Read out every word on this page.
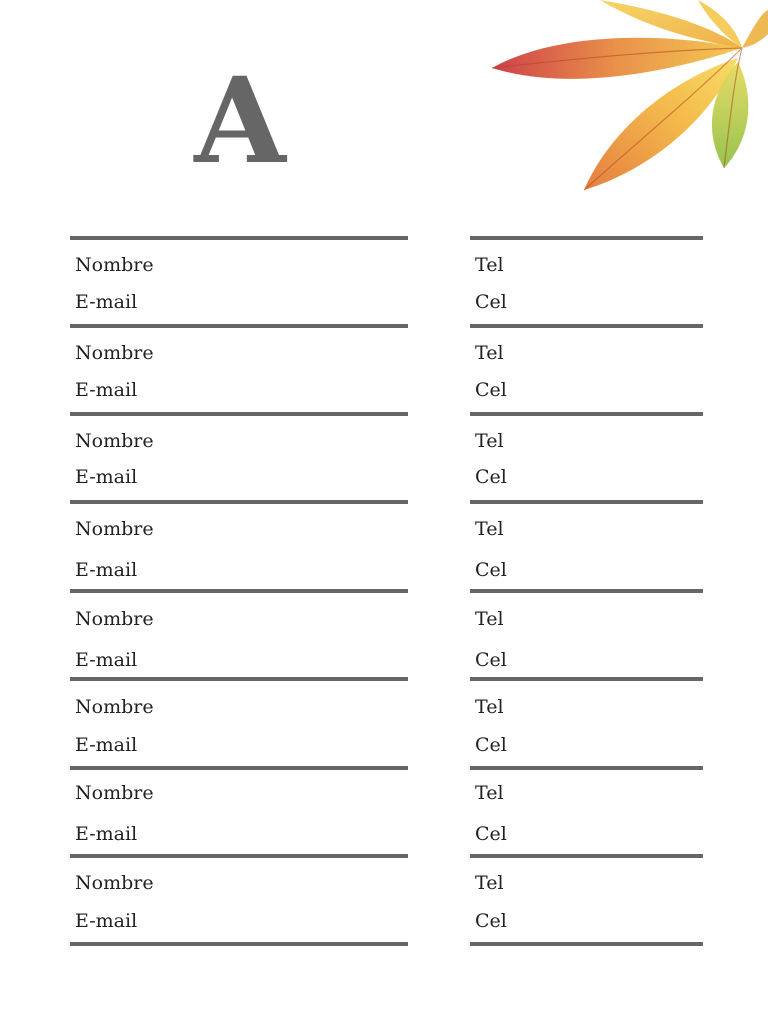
A
Nombre
E-mail
Nombre
E-mail
Nombre
E-mail
Nombre
E-mail
Nombre
E-mail
Nombre
E-mail
Nombre
E-mail
Nombre
E-mail
Tel
Cel
Tel
Cel
Tel
Cel
Tel
Cel
Tel
Cel
Tel
Cel
Tel
Cel
Tel
Cel
